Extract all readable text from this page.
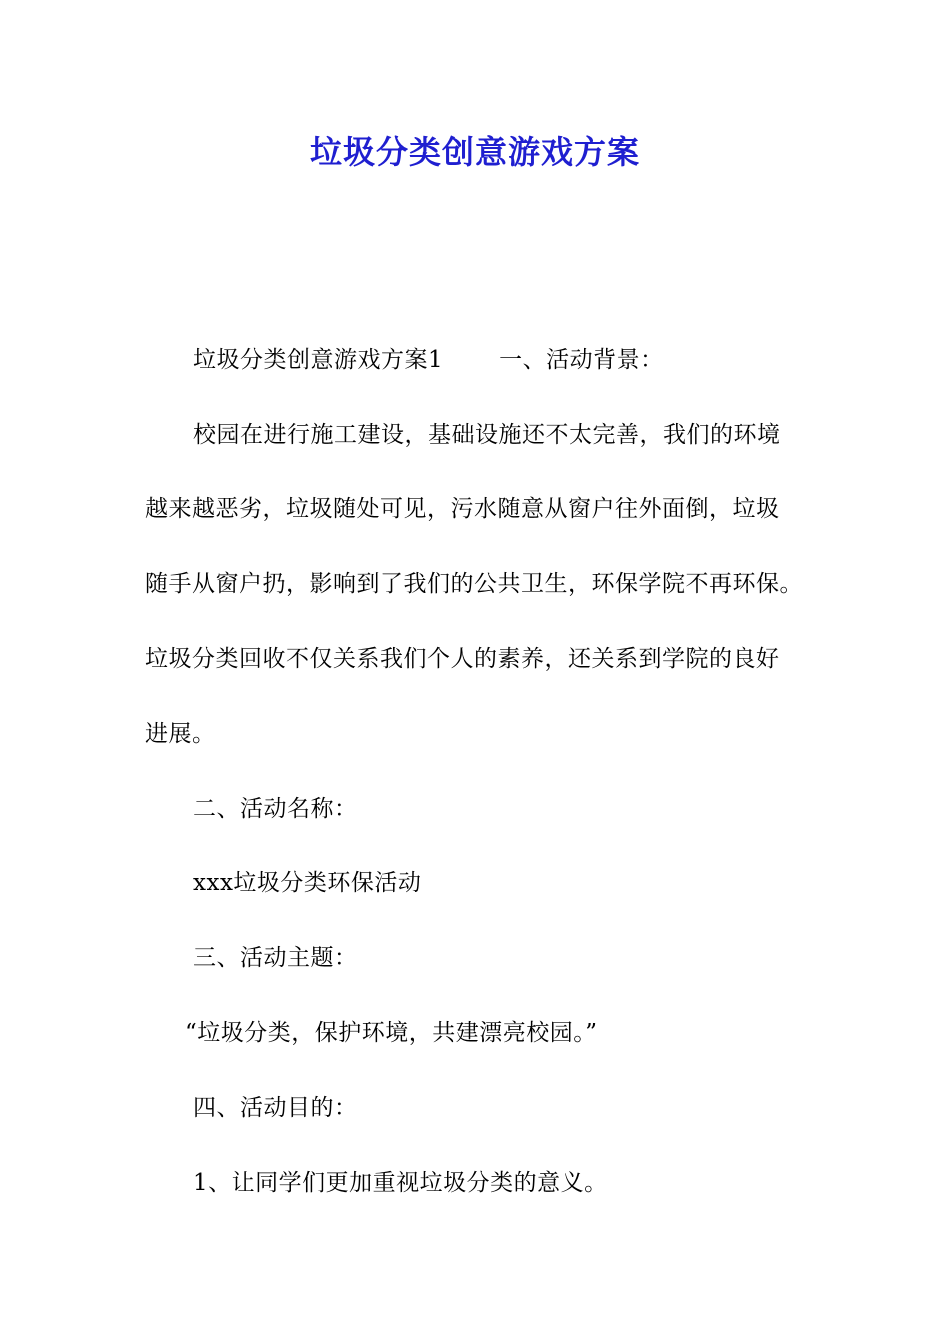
垃圾分类创意游戏方案
垃圾分类创意游戏方案1 一、活动背景：
校园在进行施工建设，基础设施还不太完善，我们的环境
越来越恶劣，垃圾随处可见，污水随意从窗户往外面倒，垃圾
随手从窗户扔，影响到了我们的公共卫生，环保学院不再环保。
垃圾分类回收不仅关系我们个人的素养，还关系到学院的良好
进展。
二、活动名称：
xxx垃圾分类环保活动
三、活动主题：
“垃圾分类，保护环境，共建漂亮校园。”
四、活动目的：
1、让同学们更加重视垃圾分类的意义。
